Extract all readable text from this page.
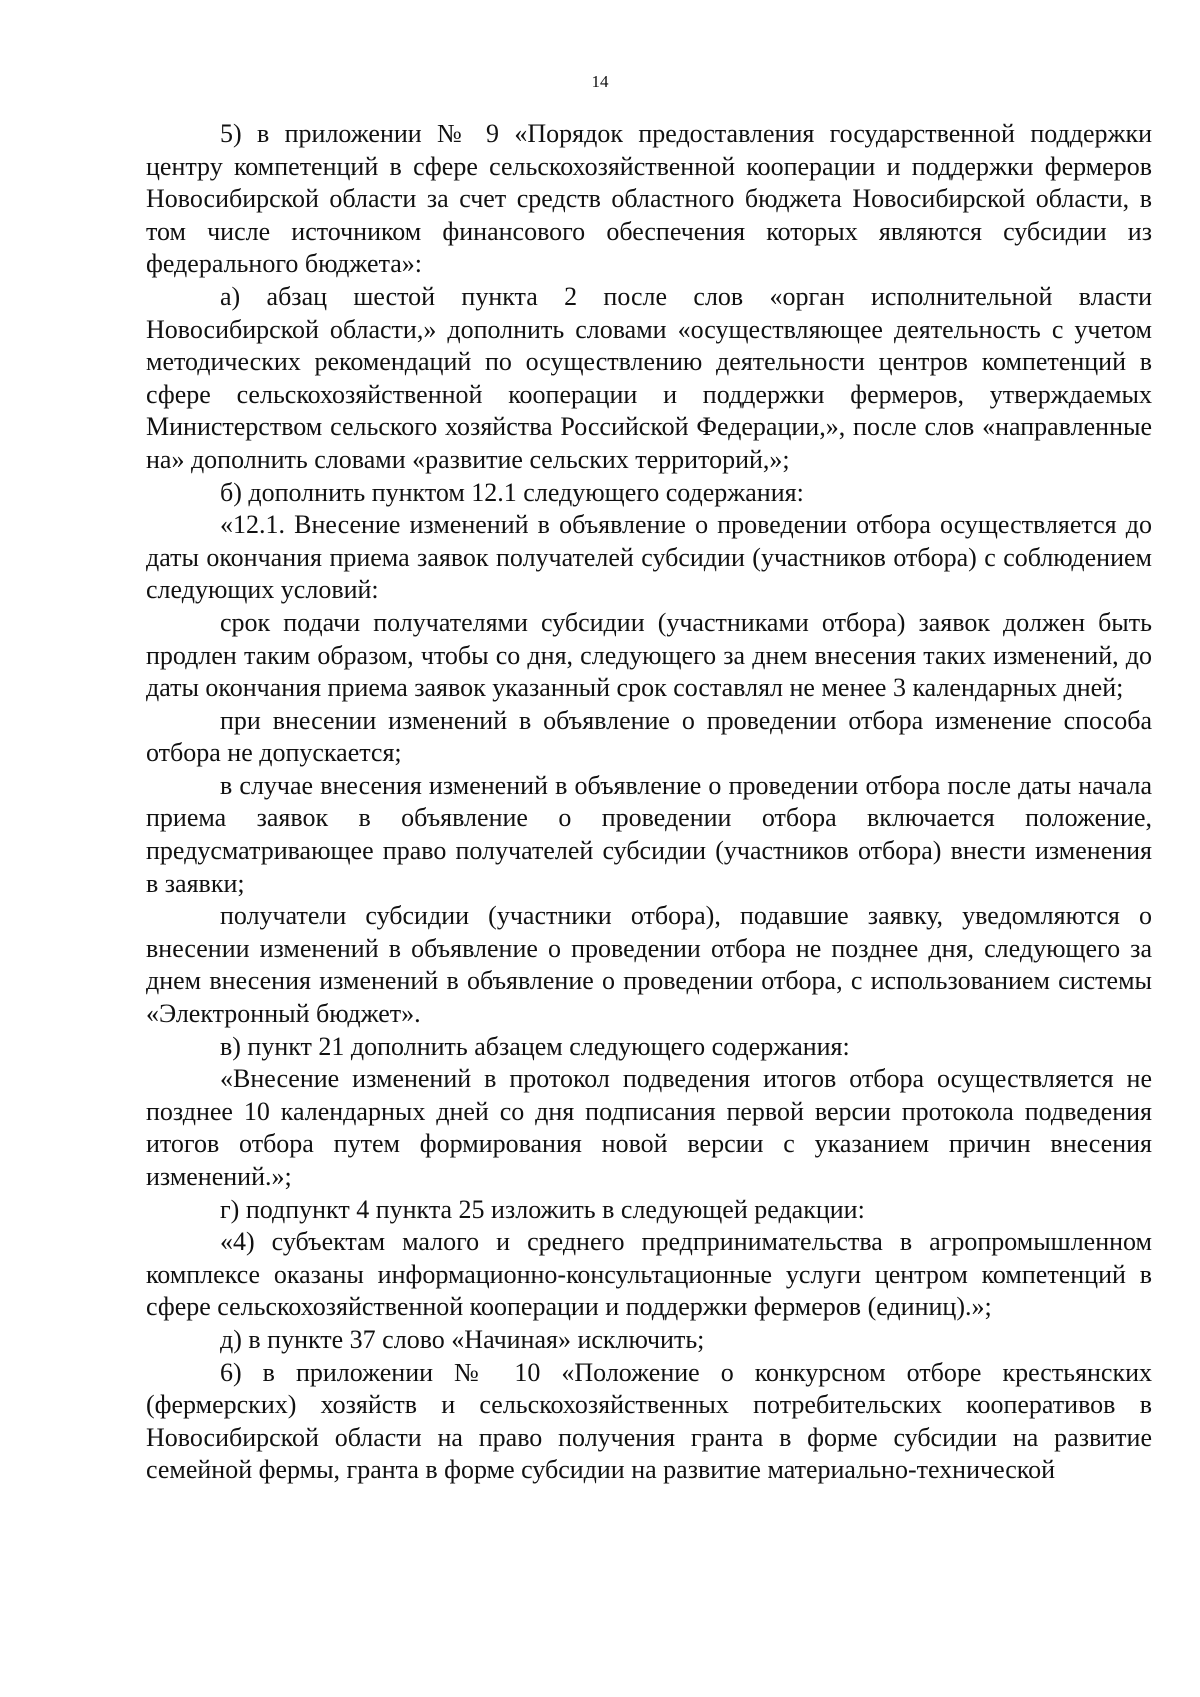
14

5) в приложении № 9 «Порядок предоставления государственной поддержки центру компетенций в сфере сельскохозяйственной кооперации и поддержки фермеров Новосибирской области за счет средств областного бюджета Новосибирской области, в том числе источником финансового обеспечения которых являются субсидии из федерального бюджета»:

а) абзац шестой пункта 2 после слов «орган исполнительной власти Новосибирской области,» дополнить словами «осуществляющее деятельность с учетом методических рекомендаций по осуществлению деятельности центров компетенций в сфере сельскохозяйственной кооперации и поддержки фермеров, утверждаемых Министерством сельского хозяйства Российской Федерации,», после слов «направленные на» дополнить словами «развитие сельских территорий,»;

б) дополнить пунктом 12.1 следующего содержания:

«12.1. Внесение изменений в объявление о проведении отбора осуществляется до даты окончания приема заявок получателей субсидии (участников отбора) с соблюдением следующих условий:

срок подачи получателями субсидии (участниками отбора) заявок должен быть продлен таким образом, чтобы со дня, следующего за днем внесения таких изменений, до даты окончания приема заявок указанный срок составлял не менее 3 календарных дней;

при внесении изменений в объявление о проведении отбора изменение способа отбора не допускается;

в случае внесения изменений в объявление о проведении отбора после даты начала приема заявок в объявление о проведении отбора включается положение, предусматривающее право получателей субсидии (участников отбора) внести изменения в заявки;

получатели субсидии (участники отбора), подавшие заявку, уведомляются о внесении изменений в объявление о проведении отбора не позднее дня, следующего за днем внесения изменений в объявление о проведении отбора, с использованием системы «Электронный бюджет».

в) пункт 21 дополнить абзацем следующего содержания:

«Внесение изменений в протокол подведения итогов отбора осуществляется не позднее 10 календарных дней со дня подписания первой версии протокола подведения итогов отбора путем формирования новой версии с указанием причин внесения изменений.»;

г) подпункт 4 пункта 25 изложить в следующей редакции:

«4) субъектам малого и среднего предпринимательства в агропромышленном комплексе оказаны информационно-консультационные услуги центром компетенций в сфере сельскохозяйственной кооперации и поддержки фермеров (единиц).»;

д) в пункте 37 слово «Начиная» исключить;

6) в приложении № 10 «Положение о конкурсном отборе крестьянских (фермерских) хозяйств и сельскохозяйственных потребительских кооперативов в Новосибирской области на право получения гранта в форме субсидии на развитие семейной фермы, гранта в форме субсидии на развитие материально-технической
